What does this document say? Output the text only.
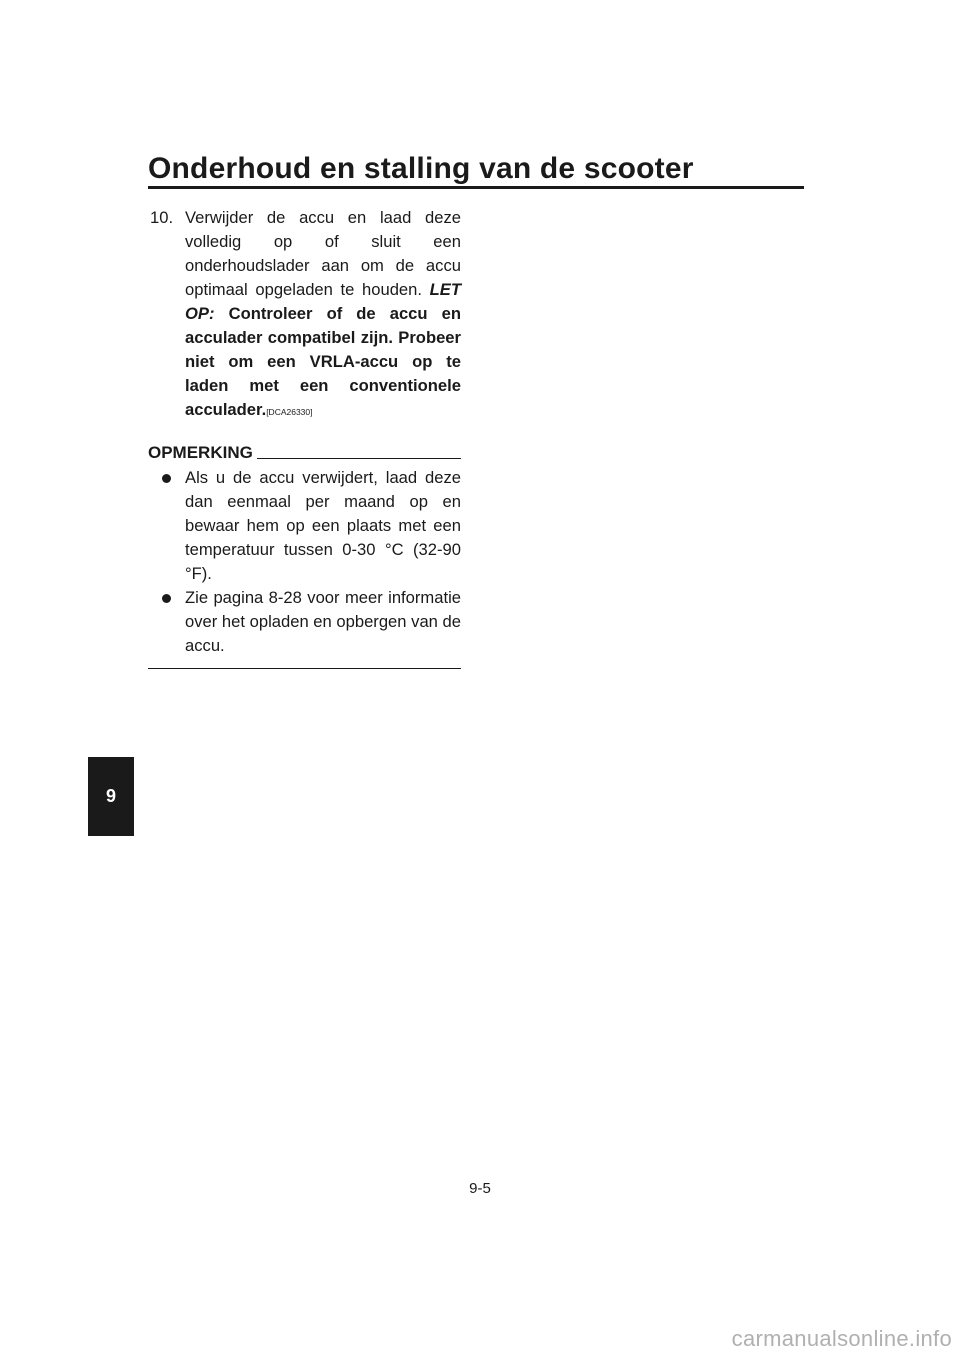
Onderhoud en stalling van de scooter

10. Verwijder de accu en laad deze volledig op of sluit een onderhoudslader aan om de accu optimaal opgeladen te houden. LET OP: Controleer of de accu en acculader compatibel zijn. Probeer niet om een VRLA-accu op te laden met een conventionele acculader.[DCA26330]

OPMERKING
Als u de accu verwijdert, laad deze dan eenmaal per maand op en bewaar hem op een plaats met een temperatuur tussen 0-30 °C (32-90 °F).
Zie pagina 8-28 voor meer informatie over het opladen en opbergen van de accu.
9
9-5
carmanualsonline.info
